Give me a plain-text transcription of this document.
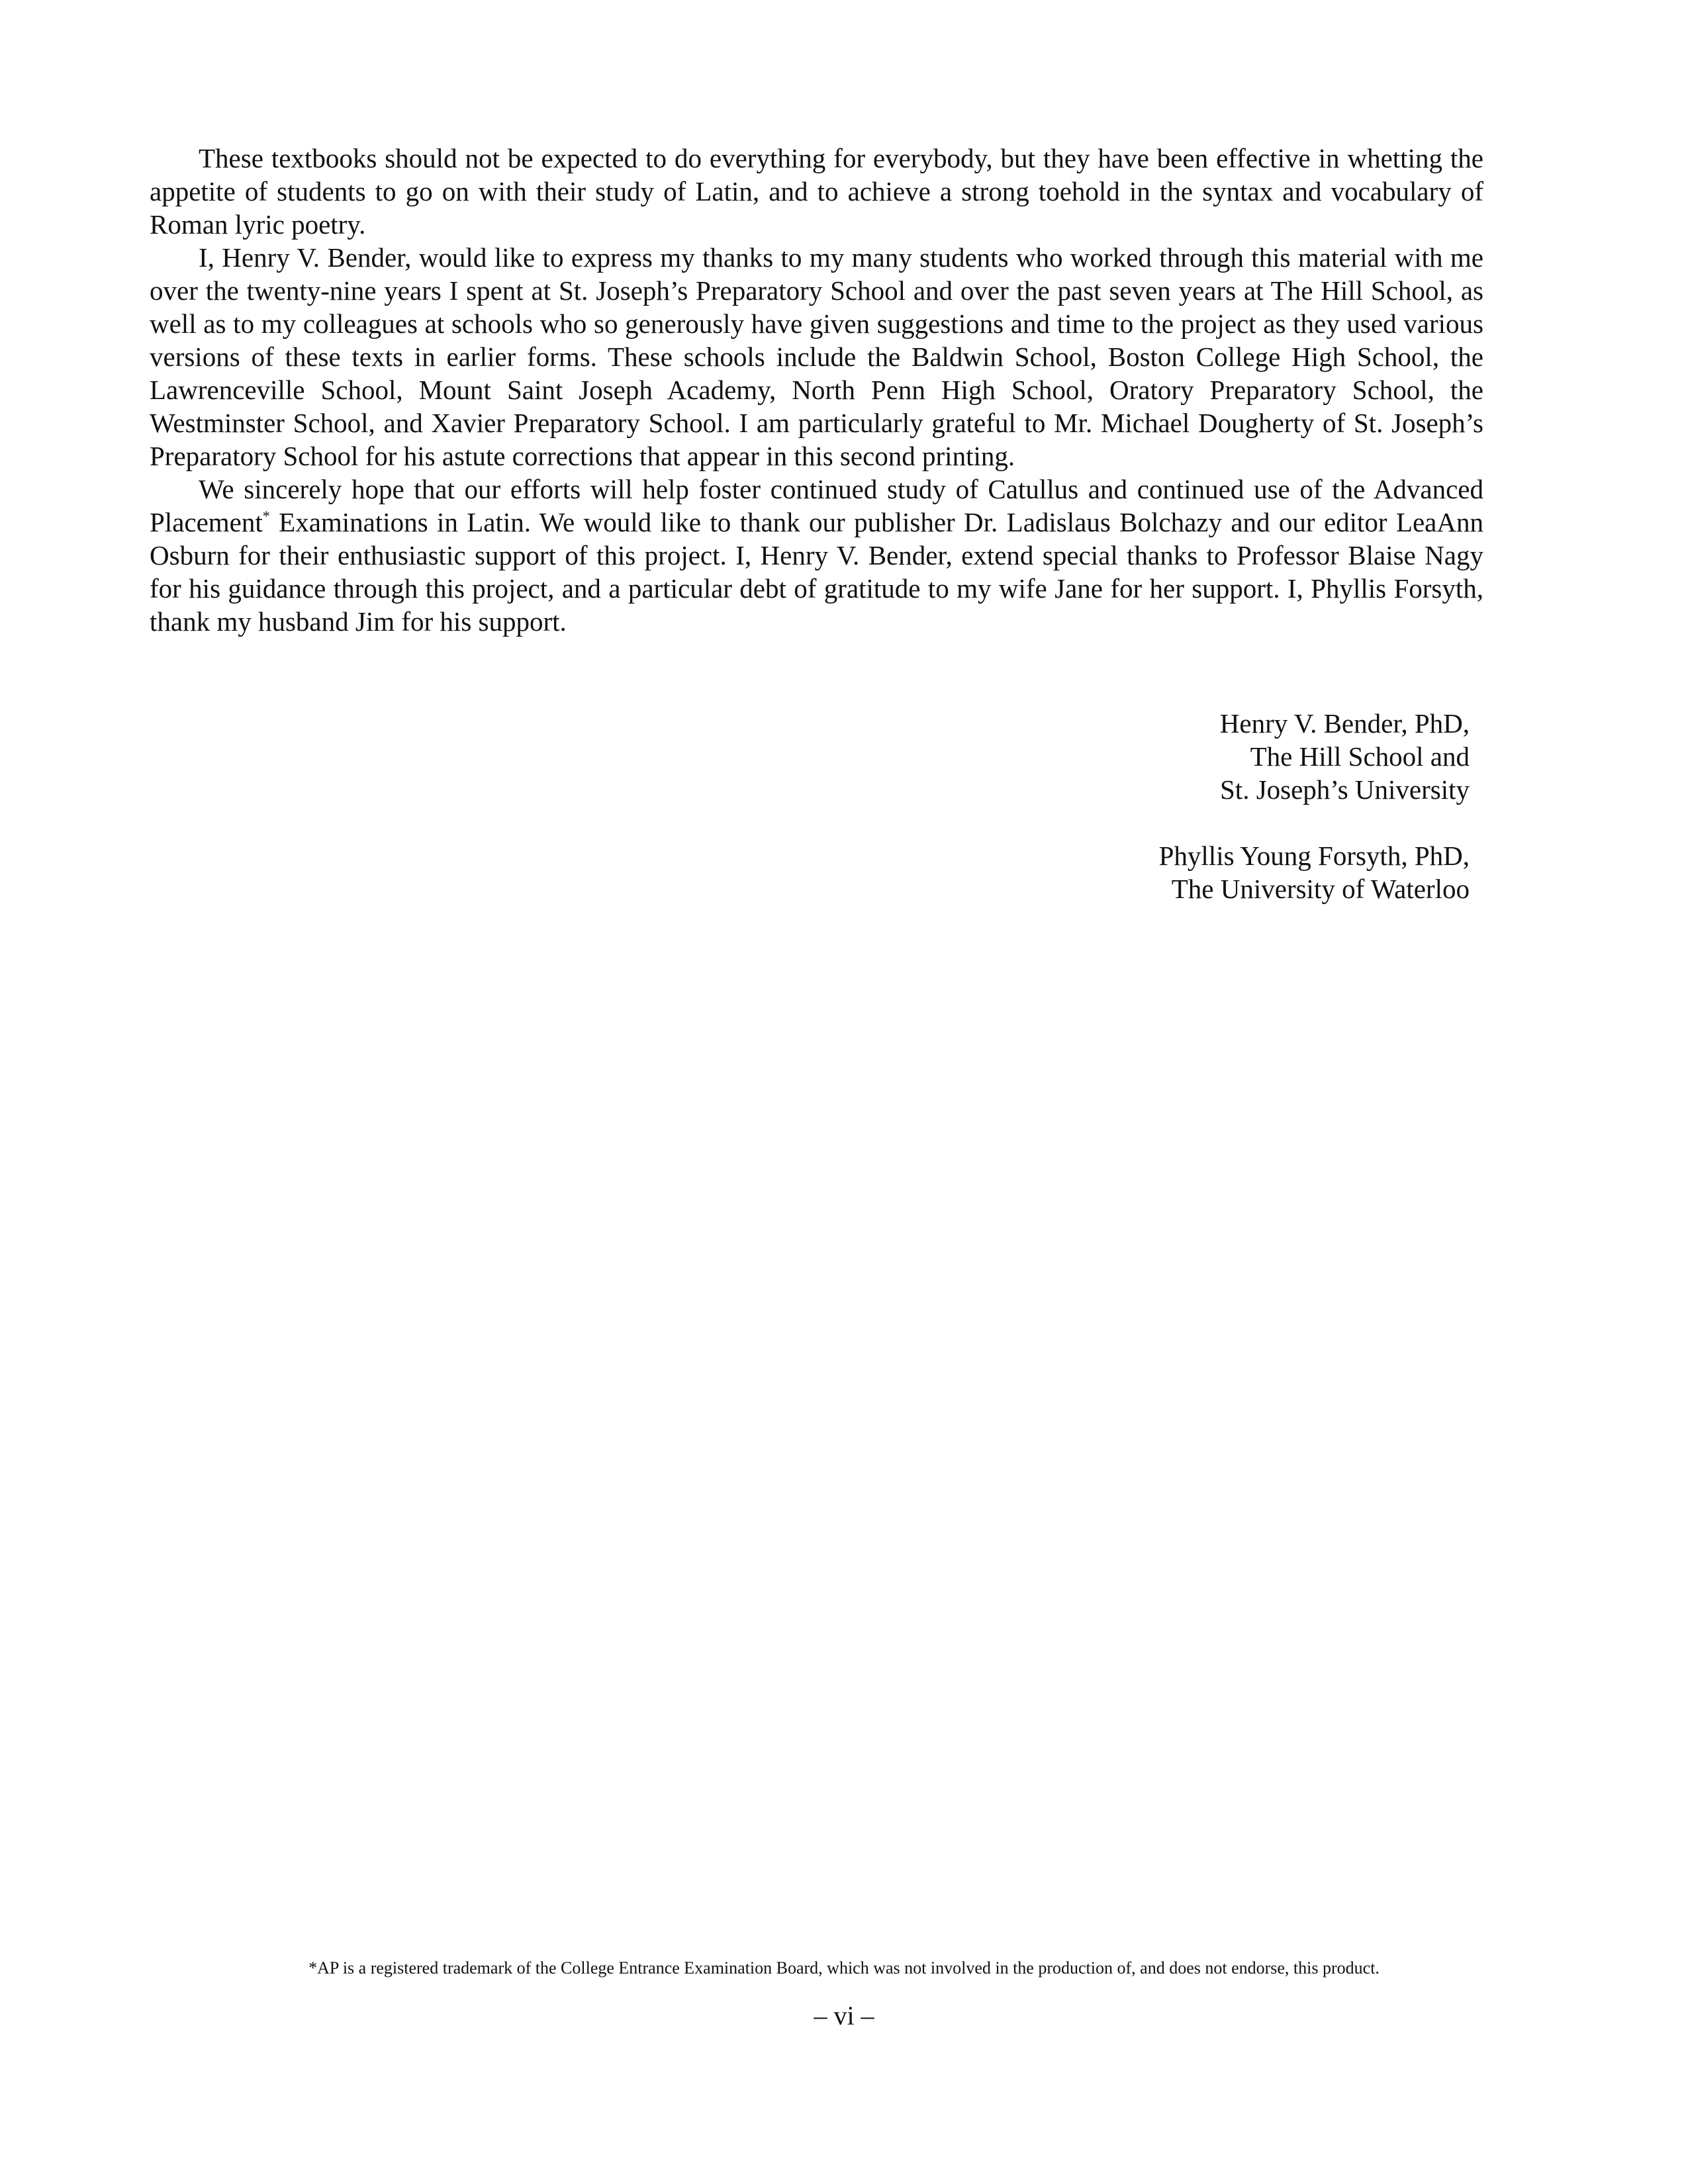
These textbooks should not be expected to do everything for everybody, but they have been effective in whetting the appetite of students to go on with their study of Latin, and to achieve a strong toehold in the syntax and vocabulary of Roman lyric poetry.

I, Henry V. Bender, would like to express my thanks to my many students who worked through this material with me over the twenty-nine years I spent at St. Joseph’s Preparatory School and over the past seven years at The Hill School, as well as to my colleagues at schools who so generously have given suggestions and time to the project as they used various versions of these texts in earlier forms. These schools include the Baldwin School, Boston College High School, the Lawrenceville School, Mount Saint Joseph Academy, North Penn High School, Oratory Preparatory School, the Westminster School, and Xavier Preparatory School. I am particularly grateful to Mr. Michael Dougherty of St. Joseph’s Preparatory School for his astute corrections that appear in this second printing.

We sincerely hope that our efforts will help foster continued study of Catullus and continued use of the Advanced Placement* Examinations in Latin. We would like to thank our publisher Dr. Ladislaus Bolchazy and our editor LeaAnn Osburn for their enthusiastic support of this project. I, Henry V. Bender, extend special thanks to Professor Blaise Nagy for his guidance through this project, and a particular debt of gratitude to my wife Jane for her support. I, Phyllis Forsyth, thank my husband Jim for his support.

Henry V. Bender, PhD,
The Hill School and
St. Joseph’s University
Phyllis Young Forsyth, PhD,
The University of Waterloo
*AP is a registered trademark of the College Entrance Examination Board, which was not involved in the production of, and does not endorse, this product.
– vi –
